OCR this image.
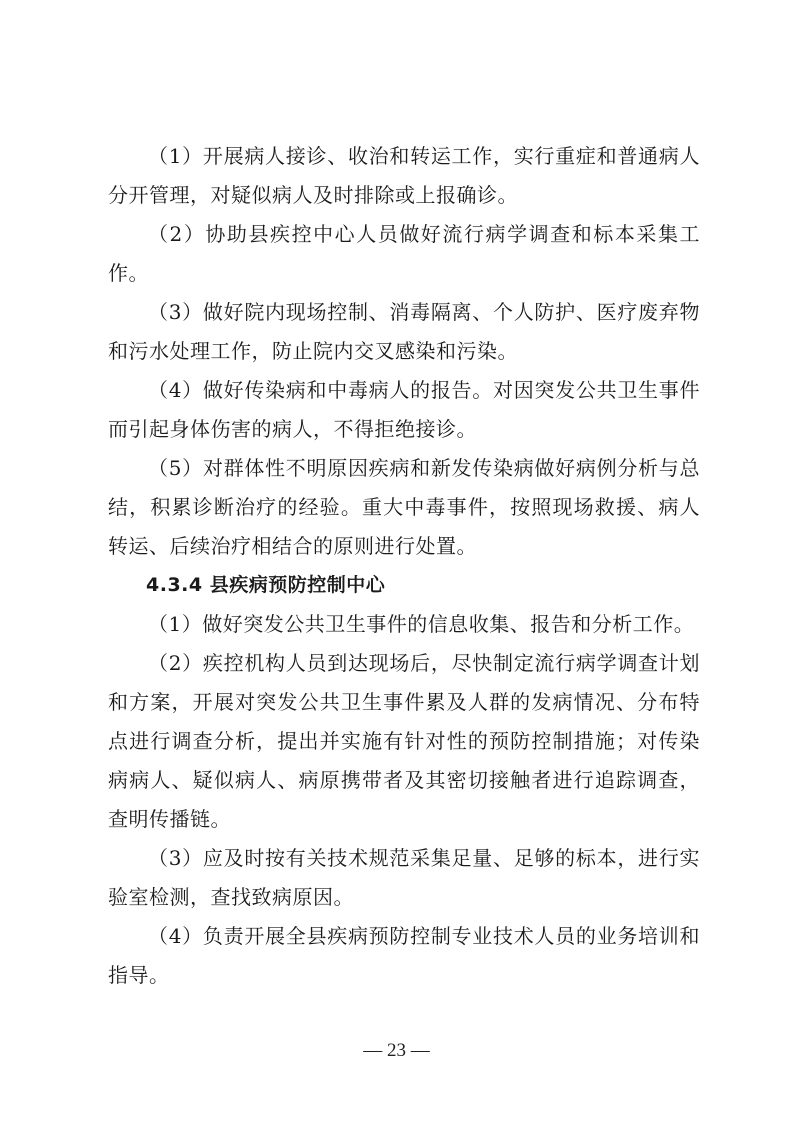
（1）开展病人接诊、收治和转运工作，实行重症和普通病人分开管理，对疑似病人及时排除或上报确诊。

（2）协助县疾控中心人员做好流行病学调查和标本采集工作。

（3）做好院内现场控制、消毒隔离、个人防护、医疗废弃物和污水处理工作，防止院内交叉感染和污染。

（4）做好传染病和中毒病人的报告。对因突发公共卫生事件而引起身体伤害的病人，不得拒绝接诊。

（5）对群体性不明原因疾病和新发传染病做好病例分析与总结，积累诊断治疗的经验。重大中毒事件，按照现场救援、病人转运、后续治疗相结合的原则进行处置。

4.3.4 县疾病预防控制中心

（1）做好突发公共卫生事件的信息收集、报告和分析工作。

（2）疾控机构人员到达现场后，尽快制定流行病学调查计划和方案，开展对突发公共卫生事件累及人群的发病情况、分布特点进行调查分析，提出并实施有针对性的预防控制措施；对传染病病人、疑似病人、病原携带者及其密切接触者进行追踪调查，查明传播链。

（3）应及时按有关技术规范采集足量、足够的标本，进行实验室检测，查找致病原因。

（4）负责开展全县疾病预防控制专业技术人员的业务培训和指导。

— 23 —
